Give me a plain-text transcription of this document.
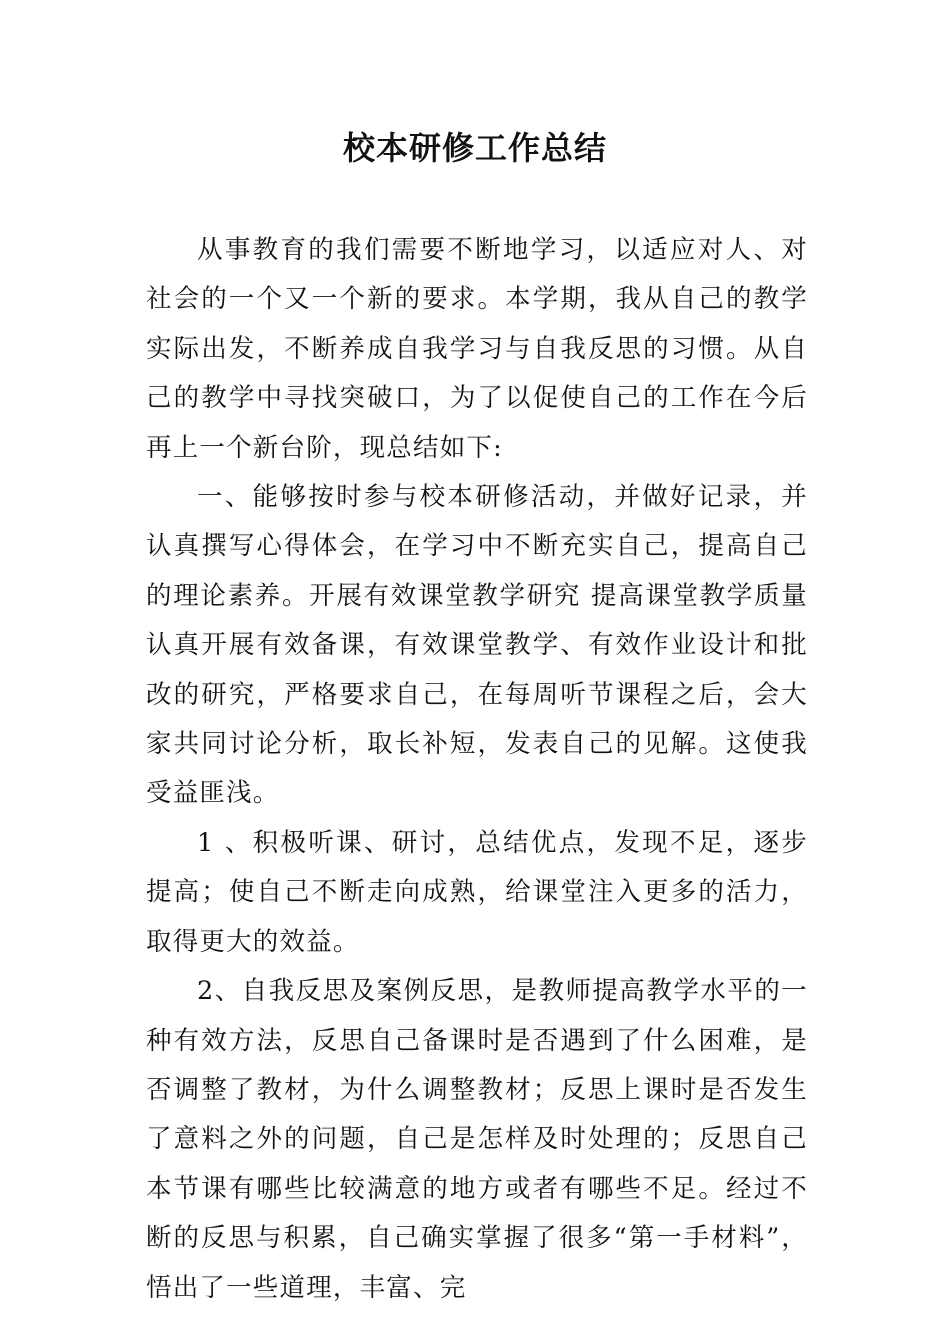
校本研修工作总结

从事教育的我们需要不断地学习，以适应对人、对社会的一个又一个新的要求。本学期，我从自己的教学实际出发，不断养成自我学习与自我反思的习惯。从自己的教学中寻找突破口，为了以促使自己的工作在今后再上一个新台阶，现总结如下:

一、能够按时参与校本研修活动，并做好记录，并认真撰写心得体会，在学习中不断充实自己，提高自己的理论素养。开展有效课堂教学研究 提高课堂教学质量认真开展有效备课，有效课堂教学、有效作业设计和批改的研究，严格要求自己，在每周听节课程之后，会大家共同讨论分析，取长补短，发表自己的见解。这使我受益匪浅。

1 、积极听课、研讨，总结优点，发现不足，逐步提高；使自己不断走向成熟，给课堂注入更多的活力，取得更大的效益。

2、自我反思及案例反思，是教师提高教学水平的一种有效方法，反思自己备课时是否遇到了什么困难，是否调整了教材，为什么调整教材；反思上课时是否发生了意料之外的问题，自己是怎样及时处理的；反思自己本节课有哪些比较满意的地方或者有哪些不足。经过不断的反思与积累，自己确实掌握了很多“第一手材料”，悟出了一些道理，丰富、完
